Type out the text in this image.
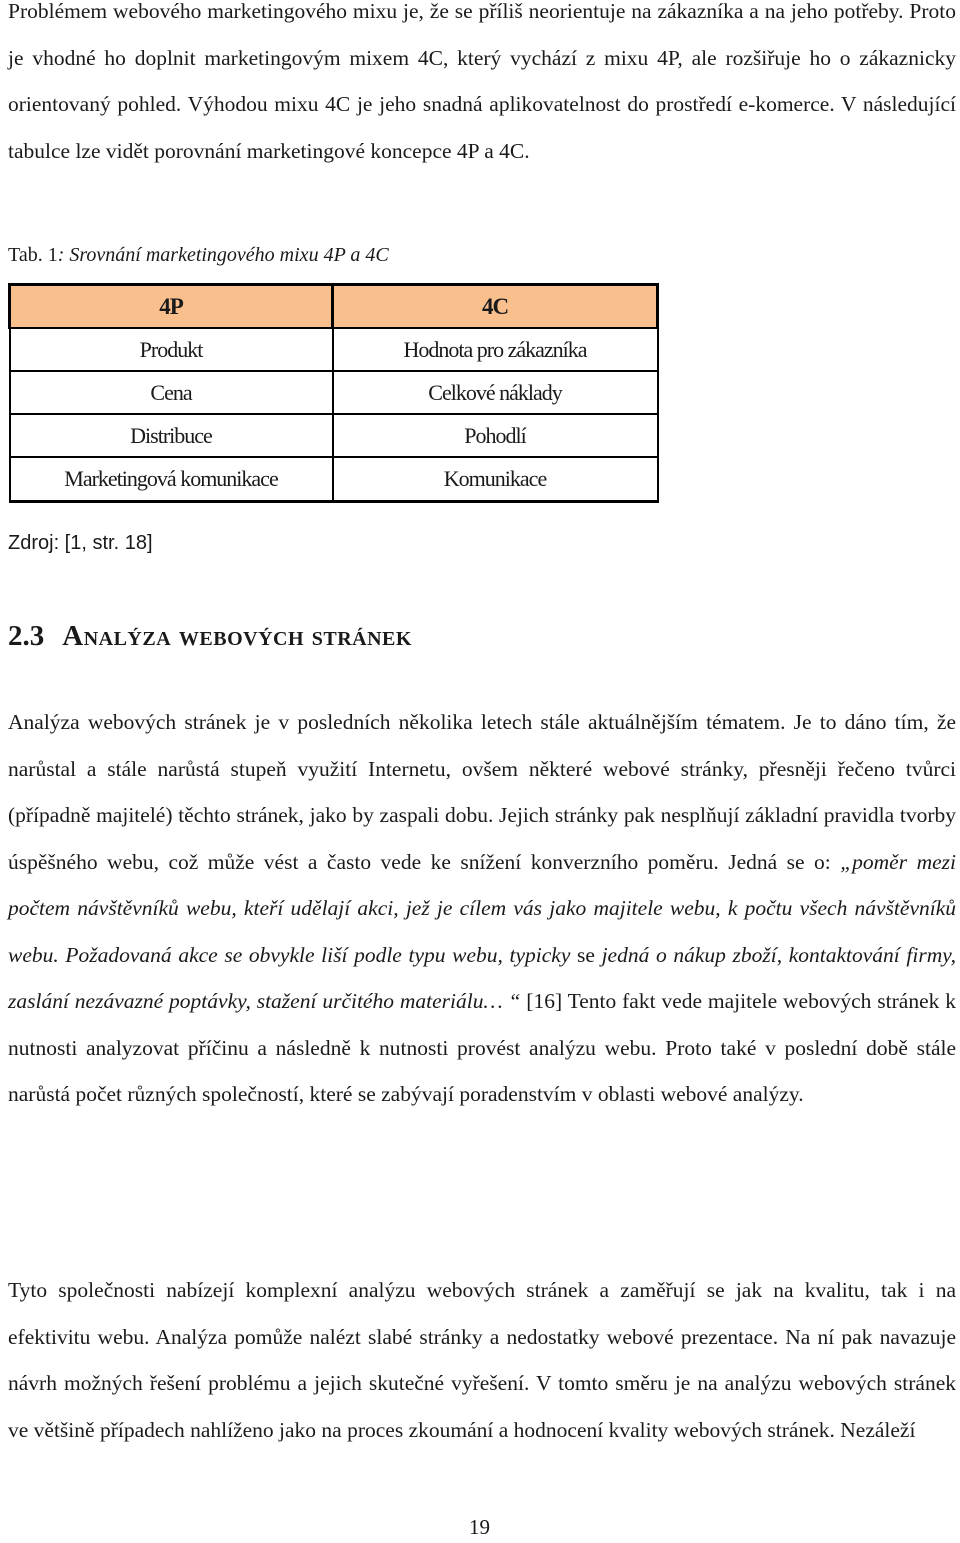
Problémem webového marketingového mixu je, že se příliš neorientuje na zákazníka a na jeho potřeby. Proto je vhodné ho doplnit marketingovým mixem 4C, který vychází z mixu 4P, ale rozšiřuje ho o zákaznicky orientovaný pohled. Výhodou mixu 4C je jeho snadná aplikovatelnost do prostředí e-komerce. V následující tabulce lze vidět porovnání marketingové koncepce 4P a 4C.

Tab. 1: Srovnání marketingového mixu 4P a 4C
4P	4C
Produkt	Hodnota pro zákazníka
Cena	Celkové náklady
Distribuce	Pohodlí
Marketingová komunikace	Komunikace
Zdroj: [1, str. 18]
2.3 Analýza webových stránek

Analýza webových stránek je v posledních několika letech stále aktuálnějším tématem. Je to dáno tím, že narůstal a stále narůstá stupeň využití Internetu, ovšem některé webové stránky, přesněji řečeno tvůrci (případně majitelé) těchto stránek, jako by zaspali dobu. Jejich stránky pak nesplňují základní pravidla tvorby úspěšného webu, což může vést a často vede ke snížení konverzního poměru. Jedná se o: „poměr mezi počtem návštěvníků webu, kteří udělají akci, jež je cílem vás jako majitele webu, k počtu všech návštěvníků webu. Požadovaná akce se obvykle liší podle typu webu, typicky se jedná o nákup zboží, kontaktování firmy, zaslání nezávazné poptávky, stažení určitého materiálu… “ [16] Tento fakt vede majitele webových stránek k nutnosti analyzovat příčinu a následně k nutnosti provést analýzu webu. Proto také v poslední době stále narůstá počet různých společností, které se zabývají poradenstvím v oblasti webové analýzy.

Tyto společnosti nabízejí komplexní analýzu webových stránek a zaměřují se jak na kvalitu, tak i na efektivitu webu. Analýza pomůže nalézt slabé stránky a nedostatky webové prezentace. Na ní pak navazuje návrh možných řešení problému a jejich skutečné vyřešení. V tomto směru je na analýzu webových stránek ve většině případech nahlíženo jako na proces zkoumání a hodnocení kvality webových stránek. Nezáleží

19
